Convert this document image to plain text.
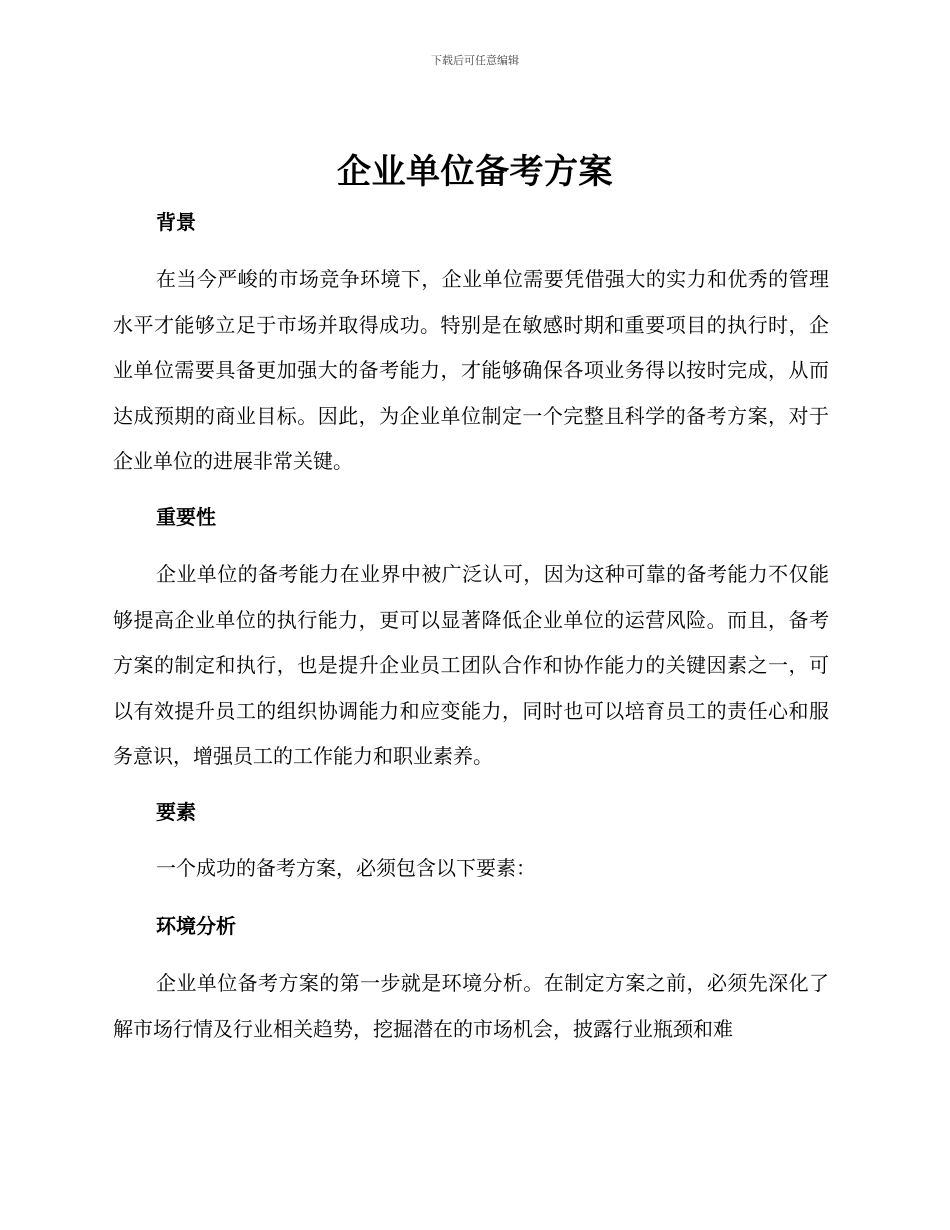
下载后可任意编辑
企业单位备考方案
背景
在当今严峻的市场竞争环境下，企业单位需要凭借强大的实力和优秀的管理水平才能够立足于市场并取得成功。特别是在敏感时期和重要项目的执行时，企业单位需要具备更加强大的备考能力，才能够确保各项业务得以按时完成，从而达成预期的商业目标。因此，为企业单位制定一个完整且科学的备考方案，对于企业单位的进展非常关键。
重要性
企业单位的备考能力在业界中被广泛认可，因为这种可靠的备考能力不仅能够提高企业单位的执行能力，更可以显著降低企业单位的运营风险。而且，备考方案的制定和执行，也是提升企业员工团队合作和协作能力的关键因素之一，可以有效提升员工的组织协调能力和应变能力，同时也可以培育员工的责任心和服务意识，增强员工的工作能力和职业素养。
要素
一个成功的备考方案，必须包含以下要素：
环境分析
企业单位备考方案的第一步就是环境分析。在制定方案之前，必须先深化了解市场行情及行业相关趋势，挖掘潜在的市场机会，披露行业瓶颈和难
